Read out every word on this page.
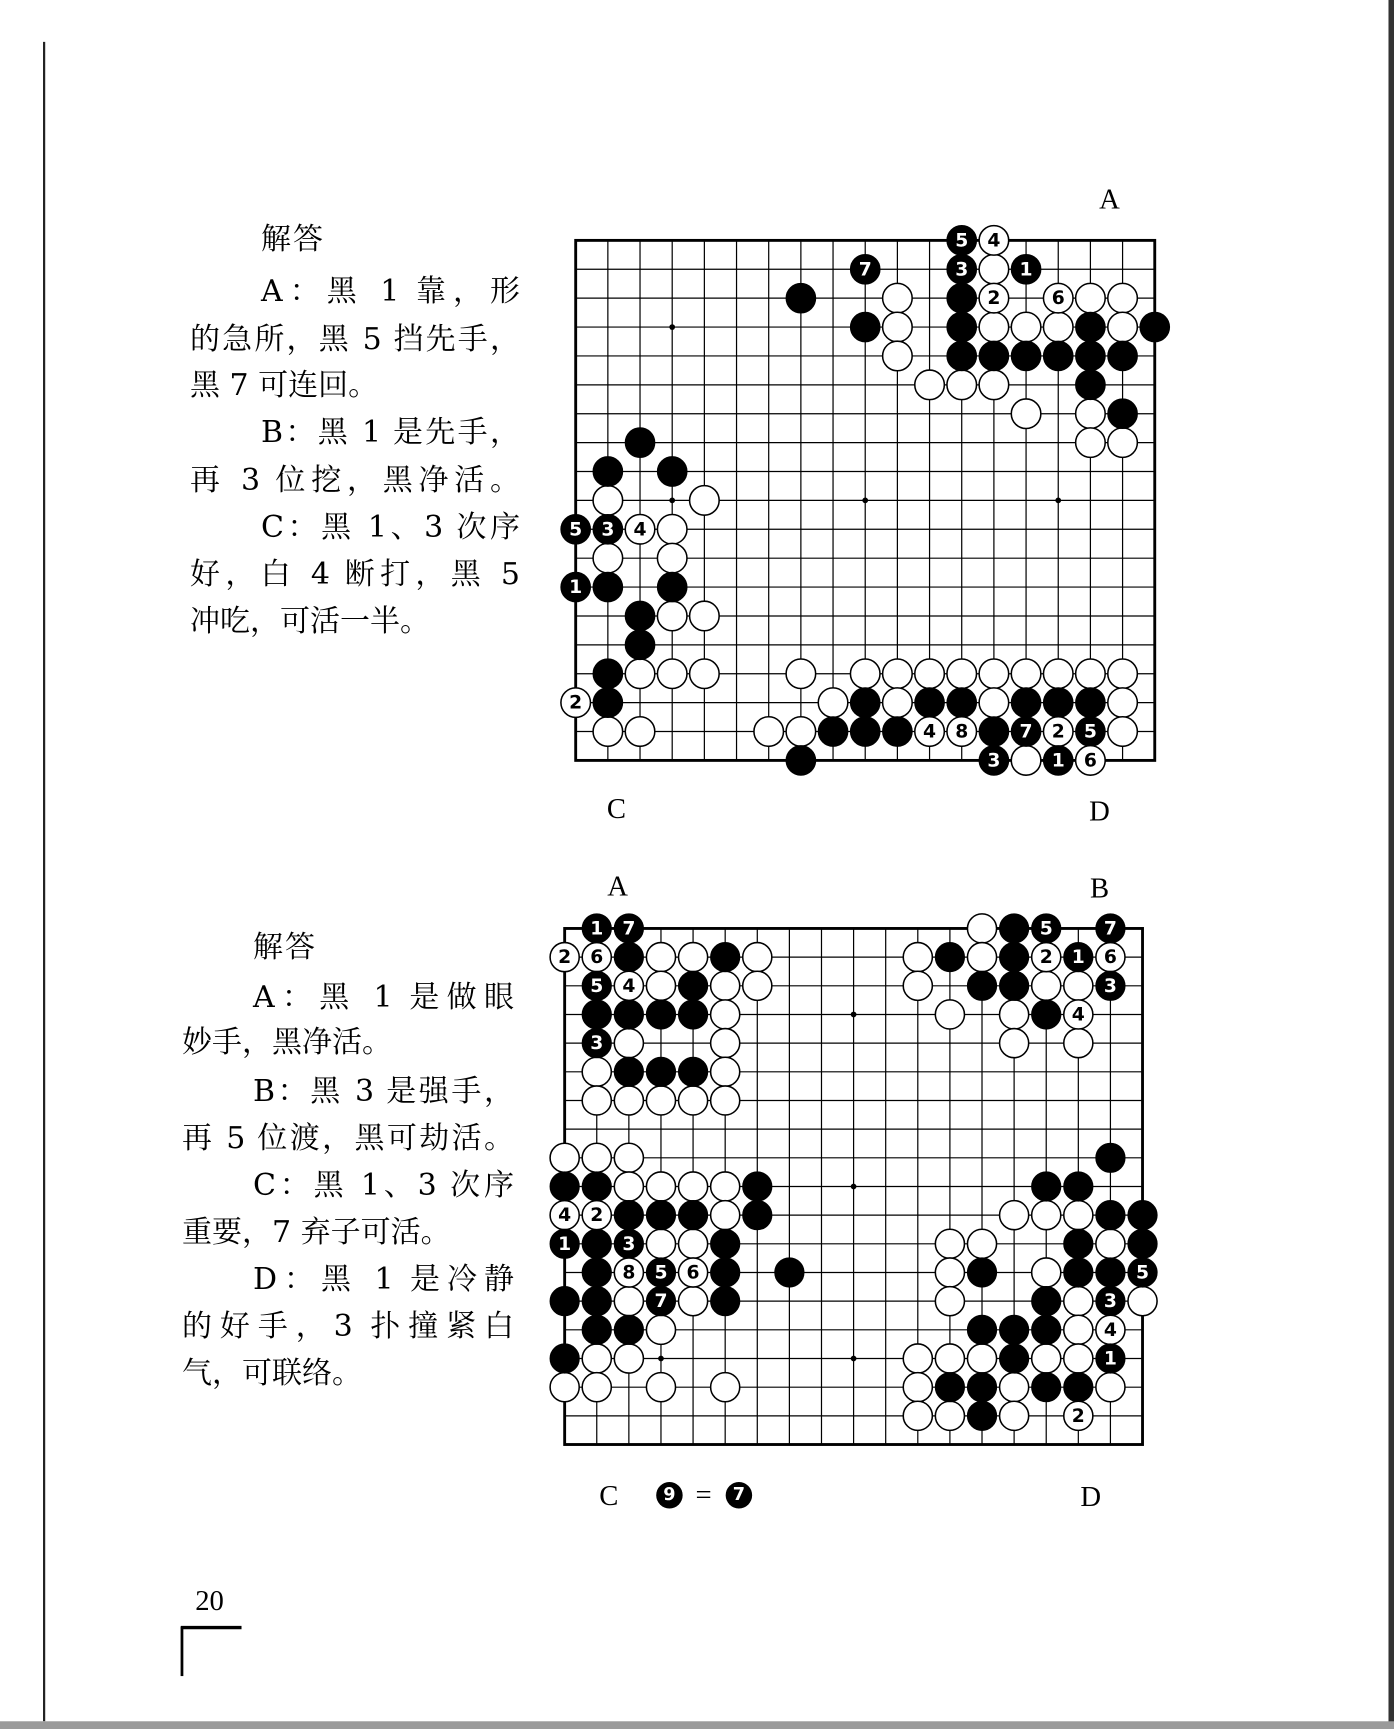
解答
A：黑 1 靠，形
的急所，黑 5 挡先手，
黑 7 可连回。
B：黑 1 是先手，
再 3 位挖，黑净活。
C：黑 1、3 次序
好，白 4 断打，黑 5
冲吃，可活一半。
解答
A：黑 1 是做眼
妙手，黑净活。
B：黑 3 是强手，
再 5 位渡，黑可劫活。
C：黑 1、3 次序
重要，7 弃子可活。
D：黑 1 是冷静
的好手，3 扑撞紧白
气，可联络。
5 4
7	3	1
2	6
5 3 4
1
2
4 8	7 2 5
3	1 6
1 7
2 6
5 4
3
4 2
1	3
8 5 6
7
5	7
2 1 6
3
4
5
3
4
1
2
A
C	D
A	B
C	D
9 = 7
20
